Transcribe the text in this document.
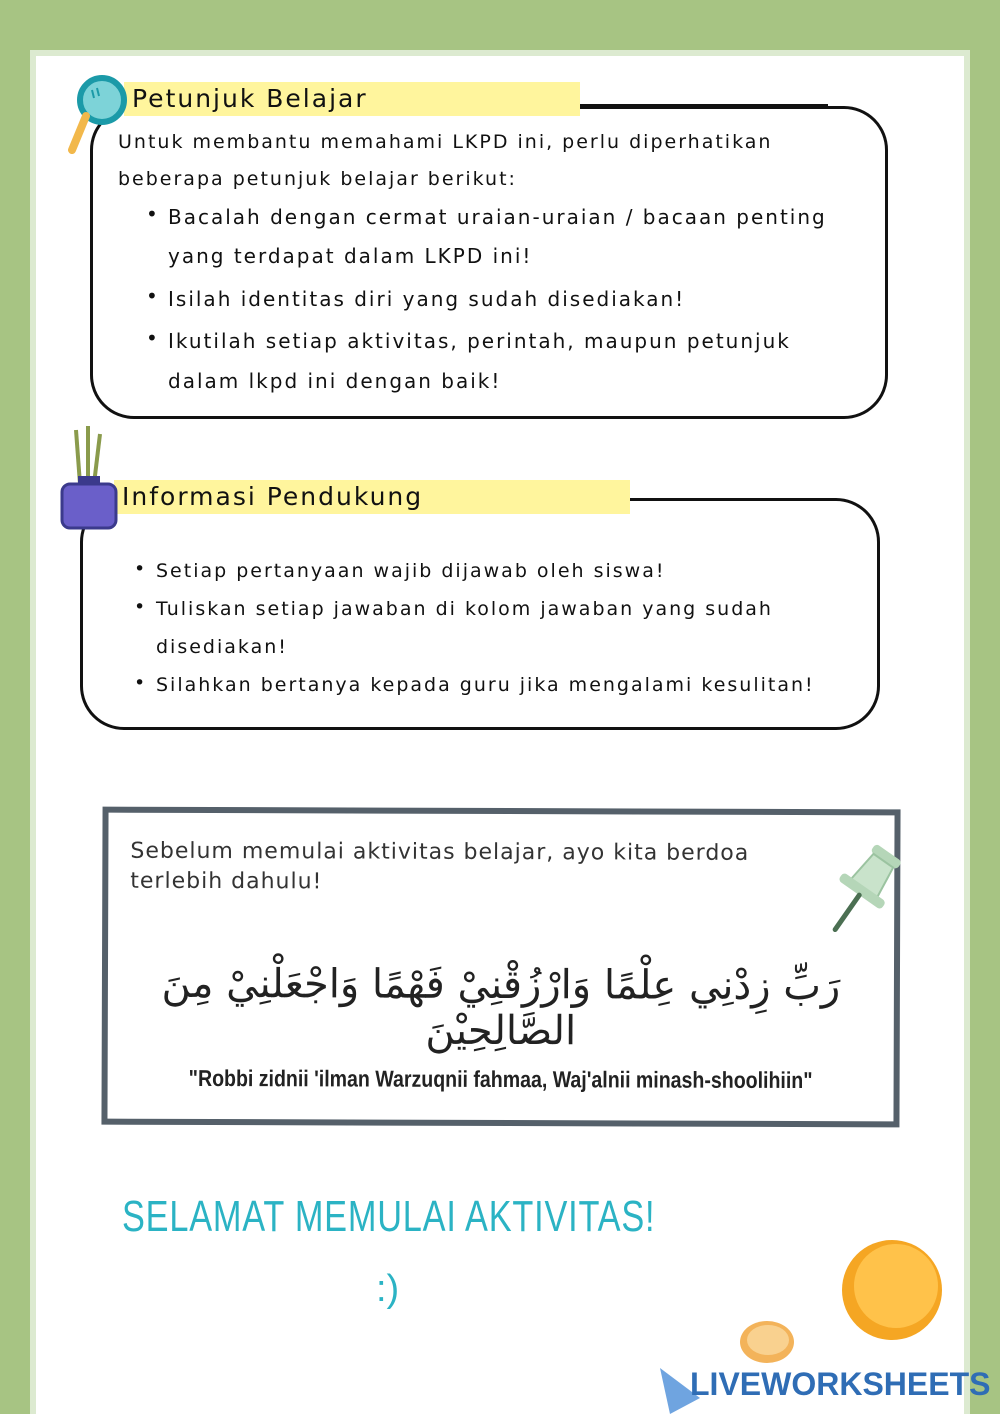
Petunjuk Belajar
Untuk membantu memahami LKPD ini, perlu diperhatikan
beberapa petunjuk belajar berikut:
• Bacalah dengan cermat uraian-uraian / bacaan penting
yang terdapat dalam LKPD ini!
• Isilah identitas diri yang sudah disediakan!
• Ikutilah setiap aktivitas, perintah, maupun petunjuk
dalam lkpd ini dengan baik!
Informasi Pendukung
• Setiap pertanyaan wajib dijawab oleh siswa!
• Tuliskan setiap jawaban di kolom jawaban yang sudah
disediakan!
• Silahkan bertanya kepada guru jika mengalami kesulitan!
Sebelum memulai aktivitas belajar, ayo kita berdoa
terlebih dahulu!
رَبِّ زِدْنِي عِلْمًا وَارْزُقْنِيْ فَهْمًا وَاجْعَلْنِيْ مِنَ الصَّالِحِيْنَ
"Robbi zidnii 'ilman Warzuqnii fahmaa, Waj'alnii minash-shoolihiin"
SELAMAT MEMULAI AKTIVITAS!
:)
LIVEWORKSHEETS
